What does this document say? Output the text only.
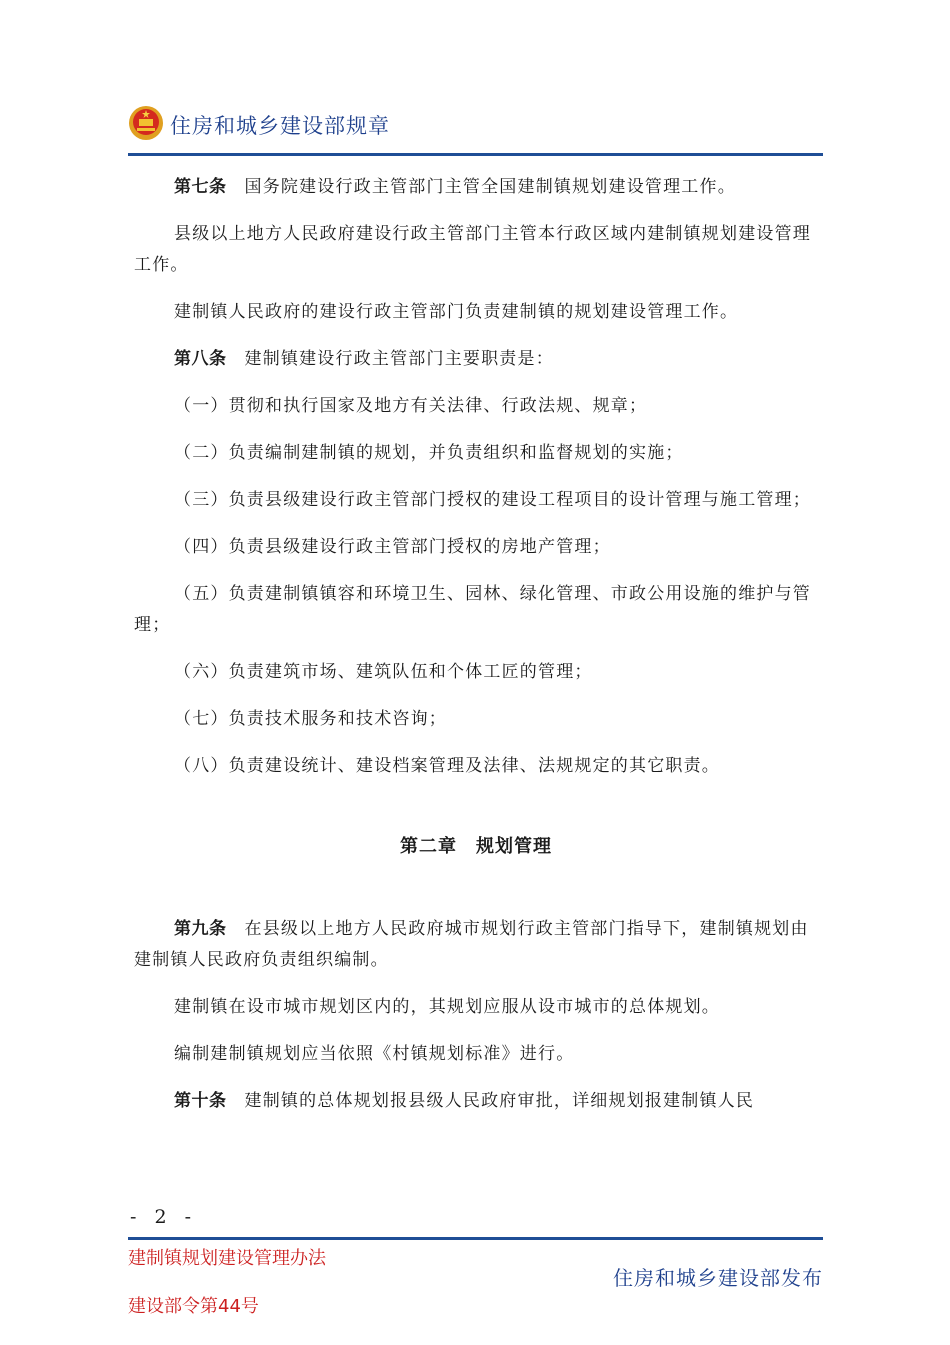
住房和城乡建设部规章

第七条 国务院建设行政主管部门主管全国建制镇规划建设管理工作。

县级以上地方人民政府建设行政主管部门主管本行政区域内建制镇规划建设管理工作。

建制镇人民政府的建设行政主管部门负责建制镇的规划建设管理工作。

第八条 建制镇建设行政主管部门主要职责是：

（一）贯彻和执行国家及地方有关法律、行政法规、规章；

（二）负责编制建制镇的规划，并负责组织和监督规划的实施；

（三）负责县级建设行政主管部门授权的建设工程项目的设计管理与施工管理；

（四）负责县级建设行政主管部门授权的房地产管理；

（五）负责建制镇镇容和环境卫生、园林、绿化管理、市政公用设施的维护与管理；

（六）负责建筑市场、建筑队伍和个体工匠的管理；

（七）负责技术服务和技术咨询；

（八）负责建设统计、建设档案管理及法律、法规规定的其它职责。

第二章　规划管理

第九条 在县级以上地方人民政府城市规划行政主管部门指导下，建制镇规划由建制镇人民政府负责组织编制。

建制镇在设市城市规划区内的，其规划应服从设市城市的总体规划。

编制建制镇规划应当依照《村镇规划标准》进行。

第十条 建制镇的总体规划报县级人民政府审批，详细规划报建制镇人民

- 2 -
建制镇规划建设管理办法
建设部令第44号
住房和城乡建设部发布
